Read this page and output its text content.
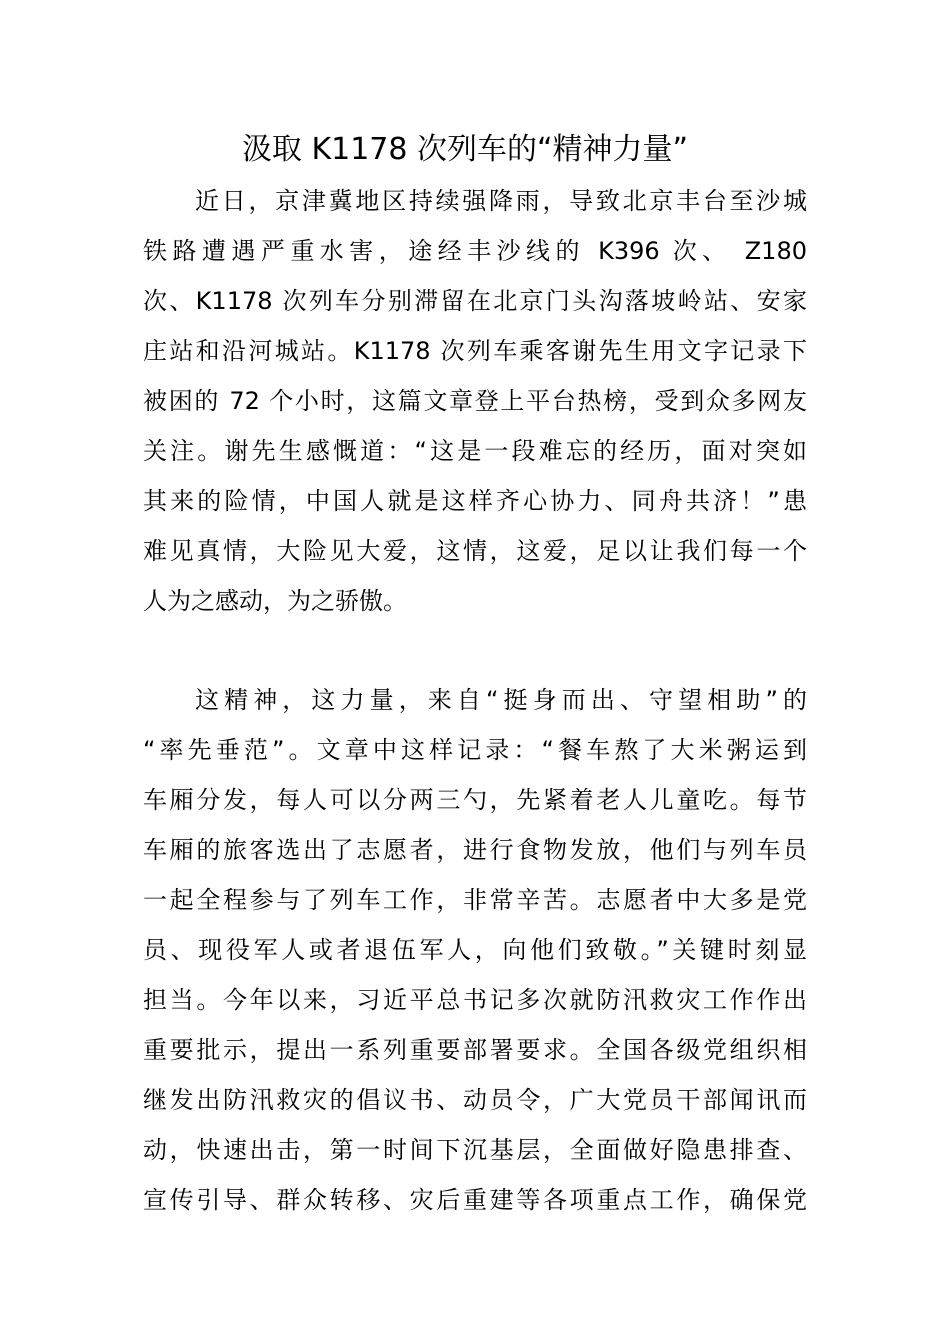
汲取 K1178 次列车的“精神力量”
近日，京津冀地区持续强降雨，导致北京丰台至沙城
铁路遭遇严重水害，途经丰沙线的 K396 次、 Z180
次、K1178 次列车分别滞留在北京门头沟落坡岭站、安家
庄站和沿河城站。K1178 次列车乘客谢先生用文字记录下
被困的 72 个小时，这篇文章登上平台热榜，受到众多网友
关注。谢先生感慨道：“这是一段难忘的经历，面对突如
其来的险情，中国人就是这样齐心协力、同舟共济！”患
难见真情，大险见大爱，这情，这爱，足以让我们每一个
人为之感动，为之骄傲。
这精神，这力量，来自“挺身而出、守望相助”的
“率先垂范”。文章中这样记录：“餐车熬了大米粥运到
车厢分发，每人可以分两三勺，先紧着老人儿童吃。每节
车厢的旅客选出了志愿者，进行食物发放，他们与列车员
一起全程参与了列车工作，非常辛苦。志愿者中大多是党
员、现役军人或者退伍军人，向他们致敬。”关键时刻显
担当。今年以来，习近平总书记多次就防汛救灾工作作出
重要批示，提出一系列重要部署要求。全国各级党组织相
继发出防汛救灾的倡议书、动员令，广大党员干部闻讯而
动，快速出击，第一时间下沉基层，全面做好隐患排查、
宣传引导、群众转移、灾后重建等各项重点工作，确保党
